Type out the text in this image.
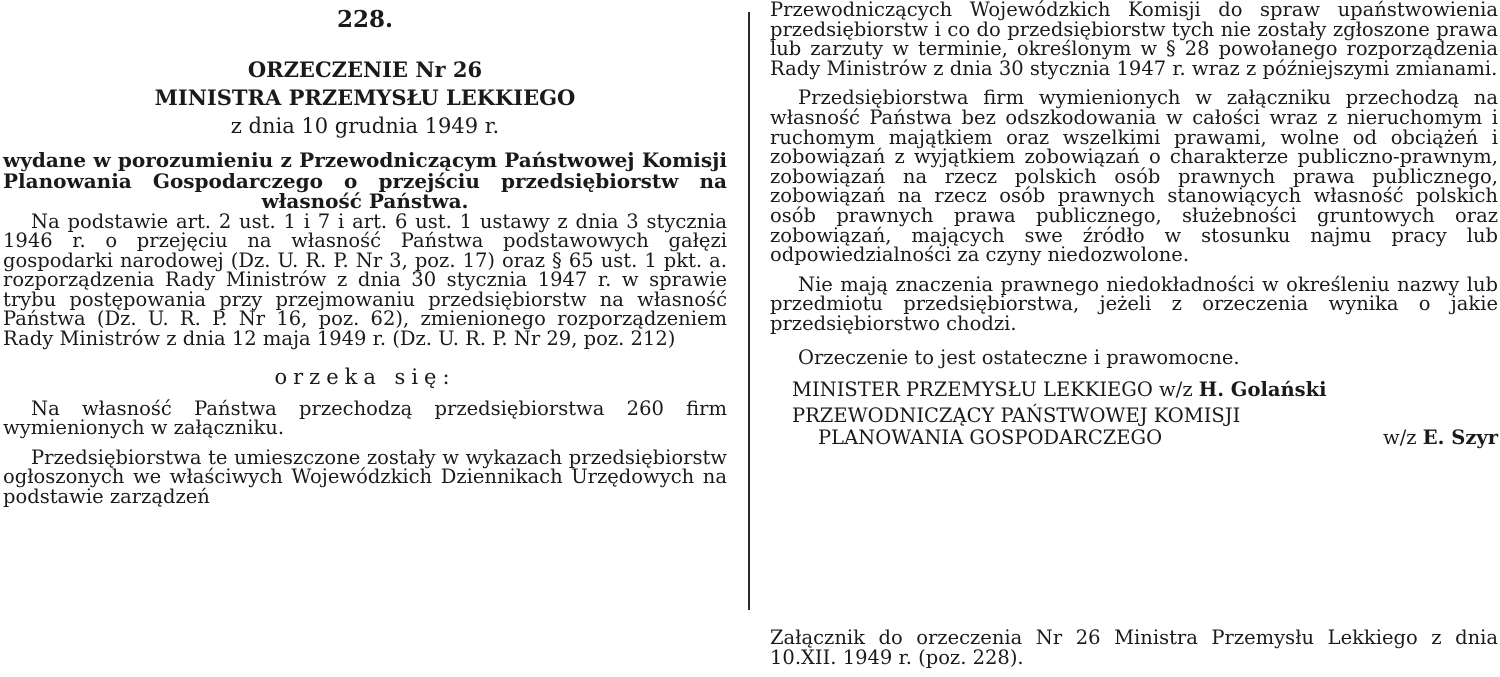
228.
ORZECZENIE Nr 26
MINISTRA PRZEMYSŁU LEKKIEGO
z dnia 10 grudnia 1949 r.
wydane w porozumieniu z Przewodniczącym Państwowej Komisji Planowania Gospodarczego o przejściu przedsiębiorstw na własność Państwa.
Na podstawie art. 2 ust. 1 i 7 i art. 6 ust. 1 ustawy z dnia 3 stycznia 1946 r. o przejęciu na własność Państwa podstawowych gałęzi gospodarki narodowej (Dz. U. R. P. Nr 3, poz. 17) oraz § 65 ust. 1 pkt. a. rozporządzenia Rady Ministrów z dnia 30 stycznia 1947 r. w sprawie trybu postępowania przy przejmowaniu przedsiębiorstw na własność Państwa (Dz. U. R. P. Nr 16, poz. 62), zmienionego rozporządzeniem Rady Ministrów z dnia 12 maja 1949 r. (Dz. U. R. P. Nr 29, poz. 212)
orzeka się:
Na własność Państwa przechodzą przedsiębiorstwa 260 firm wymienionych w załączniku.
Przedsiębiorstwa te umieszczone zostały w wykazach przedsiębiorstw ogłoszonych we właściwych Wojewódzkich Dziennikach Urzędowych na podstawie zarządzeń
Przewodniczących Wojewódzkich Komisji do spraw upaństwowienia przedsiębiorstw i co do przedsiębiorstw tych nie zostały zgłoszone prawa lub zarzuty w terminie, określonym w § 28 powołanego rozporządzenia Rady Ministrów z dnia 30 stycznia 1947 r. wraz z późniejszymi zmianami.
Przedsiębiorstwa firm wymienionych w załączniku przechodzą na własność Państwa bez odszkodowania w całości wraz z nieruchomym i ruchomym majątkiem oraz wszelkimi prawami, wolne od obciążeń i zobowiązań z wyjątkiem zobowiązań o charakterze publiczno-prawnym, zobowiązań na rzecz polskich osób prawnych prawa publicznego, zobowiązań na rzecz osób prawnych stanowiących własność polskich osób prawnych prawa publicznego, służebności gruntowych oraz zobowiązań, mających swe źródło w stosunku najmu pracy lub odpowiedzialności za czyny niedozwolone.
Nie mają znaczenia prawnego niedokładności w określeniu nazwy lub przedmiotu przedsiębiorstwa, jeżeli z orzeczenia wynika o jakie przedsiębiorstwo chodzi.
Orzeczenie to jest ostateczne i prawomocne.
MINISTER PRZEMYSŁU LEKKIEGO w/z H. Golański
PRZEWODNICZĄCY PAŃSTWOWEJ KOMISJI
PLANOWANIA GOSPODARCZEGO	w/z E. Szyr
Załącznik do orzeczenia Nr 26 Ministra Przemysłu Lekkiego z dnia 10.XII. 1949 r. (poz. 228).
